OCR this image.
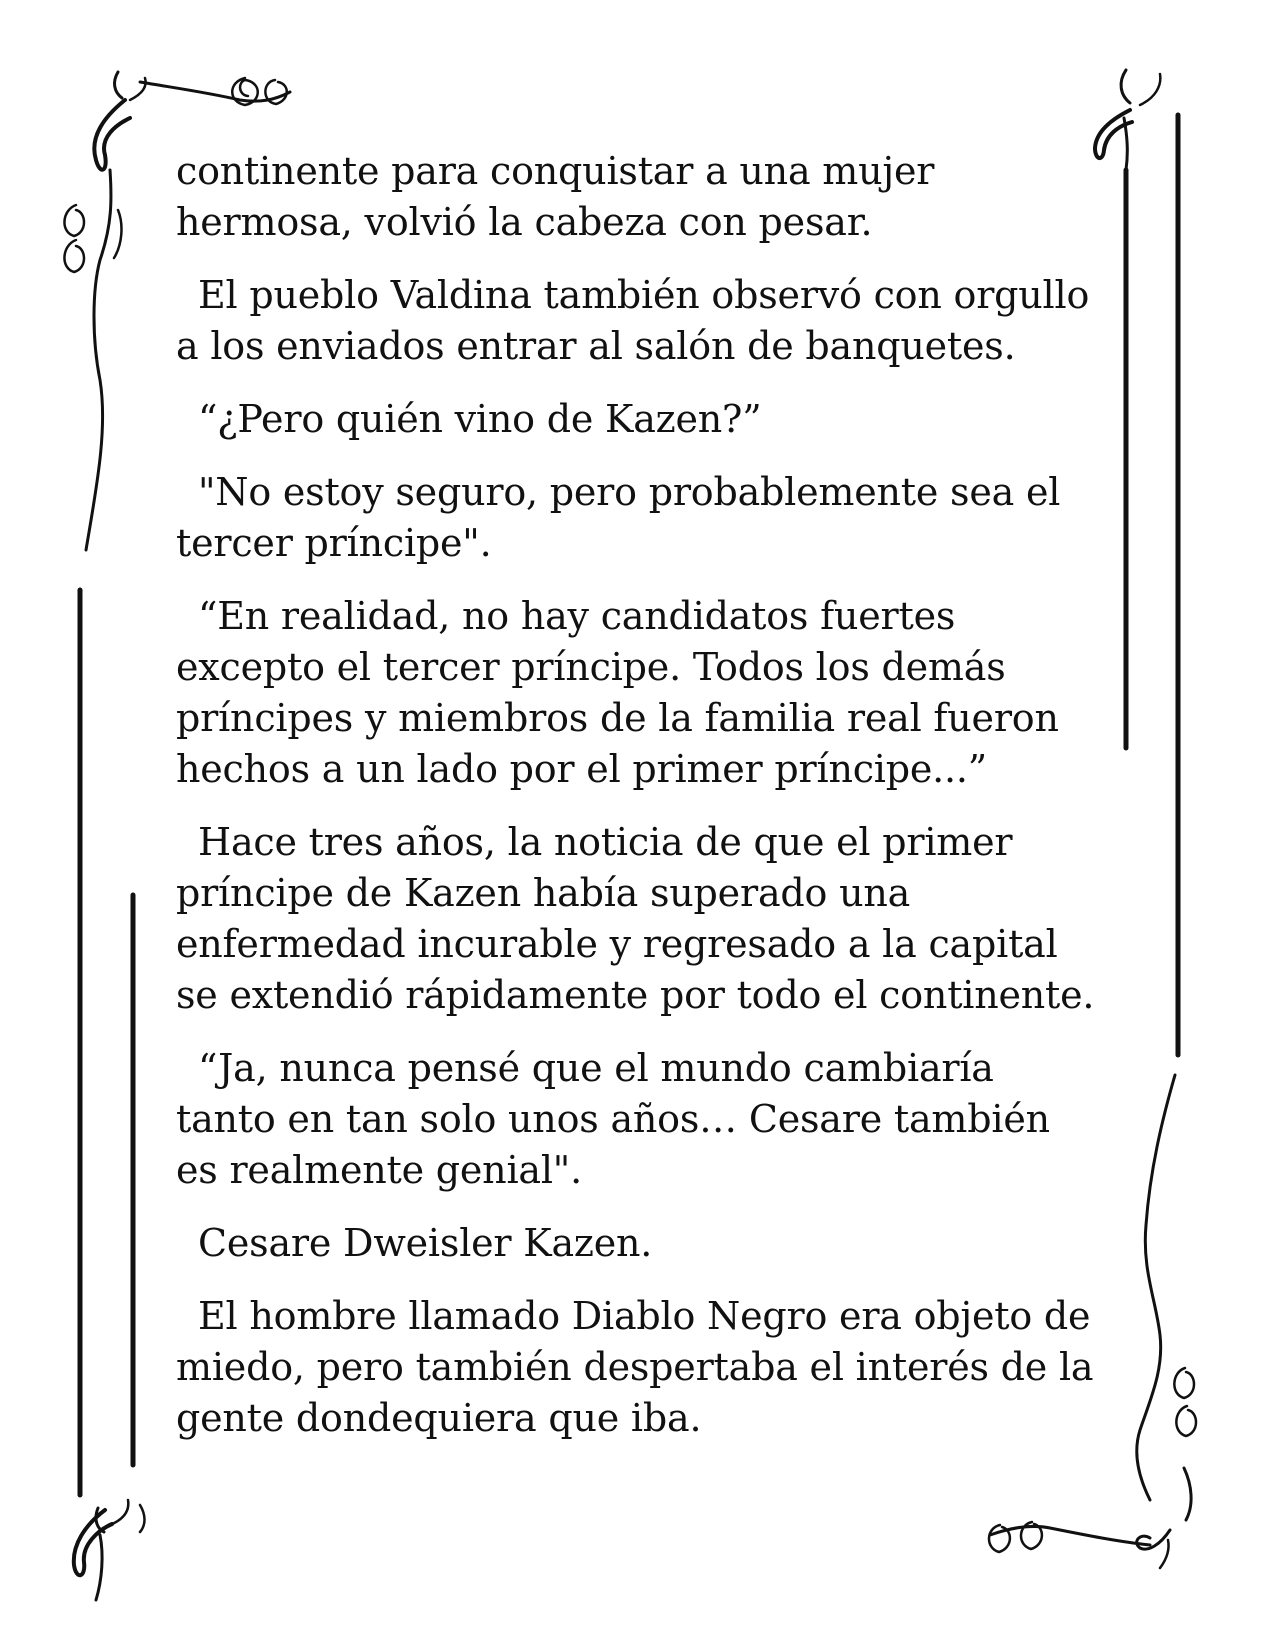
continente para conquistar a una mujer
hermosa, volvió la cabeza con pesar.

El pueblo Valdina también observó con orgullo
a los enviados entrar al salón de banquetes.

“¿Pero quién vino de Kazen?”

"No estoy seguro, pero probablemente sea el
tercer príncipe".

“En realidad, no hay candidatos fuertes
excepto el tercer príncipe. Todos los demás
príncipes y miembros de la familia real fueron
hechos a un lado por el primer príncipe...”

Hace tres años, la noticia de que el primer
príncipe de Kazen había superado una
enfermedad incurable y regresado a la capital
se extendió rápidamente por todo el continente.

“Ja, nunca pensé que el mundo cambiaría
tanto en tan solo unos años… Cesare también
es realmente genial".

Cesare Dweisler Kazen.

El hombre llamado Diablo Negro era objeto de
miedo, pero también despertaba el interés de la
gente dondequiera que iba.
